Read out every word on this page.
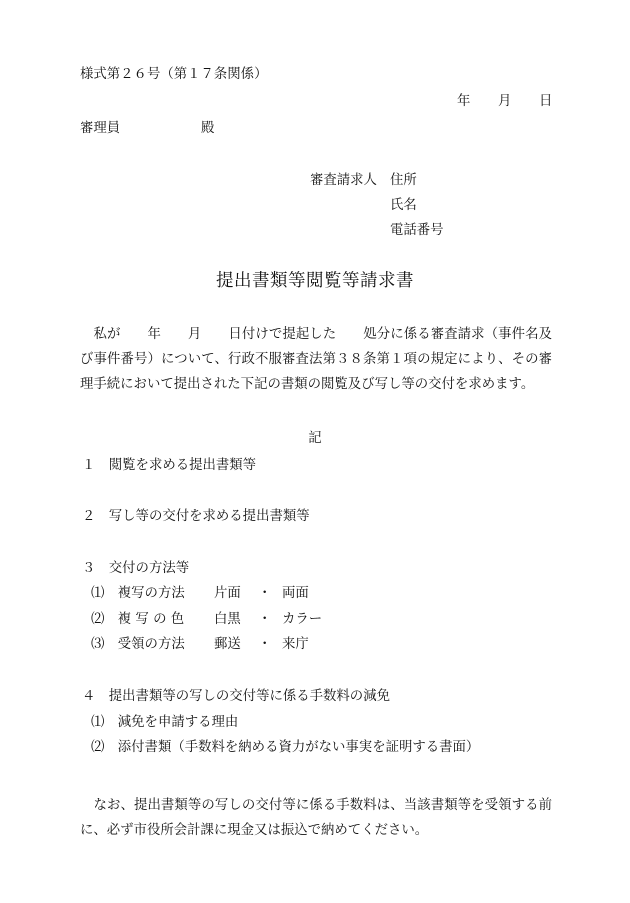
様式第２６号（第１７条関係）
年 月 日
審理員	殿
審査請求人 住所
氏名
電話番号
提出書類等閲覧等請求書
　私が　　年　　月　　日付けで提起した　　処分に係る審査請求（事件名及び事件番号）について、行政不服審査法第３８条第１項の規定により、その審理手続において提出された下記の書類の閲覧及び写し等の交付を求めます。
記
１　閲覧を求める提出書類等
２　写し等の交付を求める提出書類等
３　交付の方法等
⑴　複写の方法 片面 ・ 両面
⑵　複 写 の 色 白黒 ・ カラー
⑶　受領の方法 郵送 ・ 来庁
４　提出書類等の写しの交付等に係る手数料の減免
⑴　減免を申請する理由
⑵　添付書類（手数料を納める資力がない事実を証明する書面）
　なお、提出書類等の写しの交付等に係る手数料は、当該書類等を受領する前に、必ず市役所会計課に現金又は振込で納めてください。
